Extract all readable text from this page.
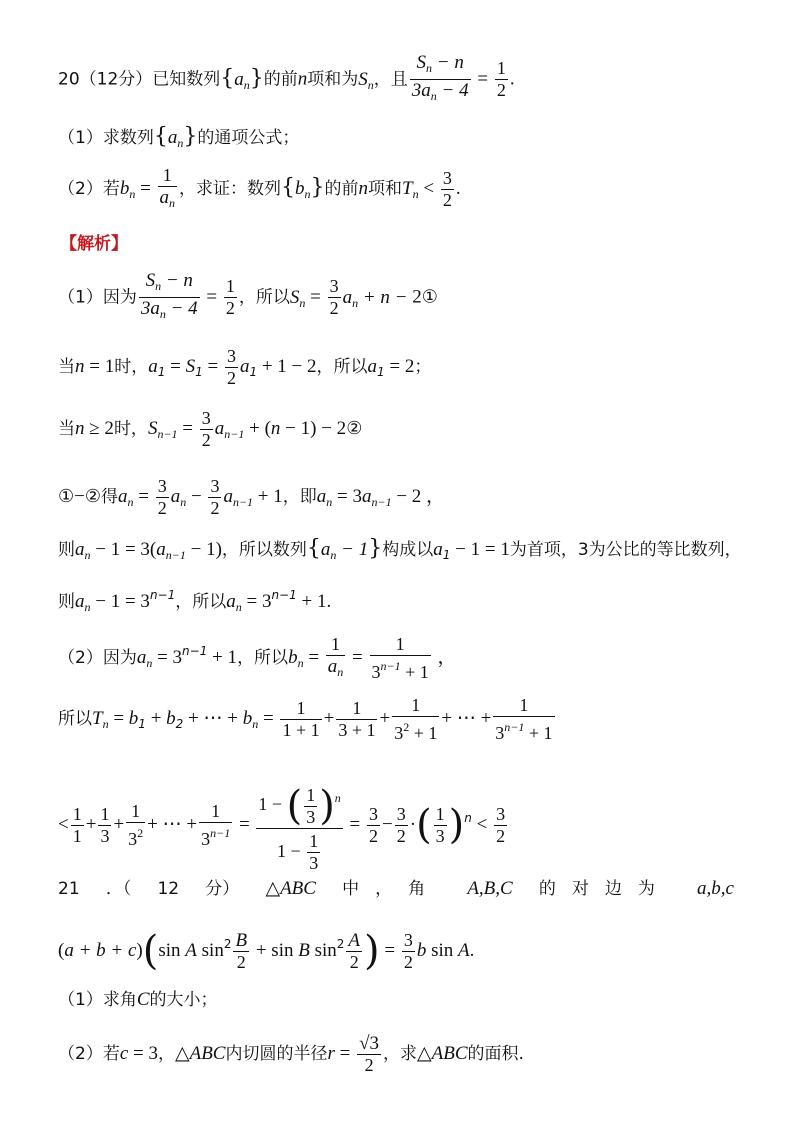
20（12分）已知数列$\{a_n\}$的前n项和为$S_n$，且 $\frac{S_n - n}{3a_n - 4} = \frac{1}{2}$ .
（1）求数列$\{a_n\}$的通项公式；
（2）若$b_n = \frac{1}{a_n}$ ，求证：数列$\{b_n\}$的前n项和$T_n < \frac{3}{2}$ .
【解析】
（1）因为 $\frac{S_n - n}{3a_n - 4} = \frac{1}{2}$ ，所以$S_n = \frac{3}{2} a_n + n$ − 2①
当n = 1时，$a_1 = S_1 = \frac{3}{2} a_1 + 1 - 2$，所以$a_1 = 2$；
当n ≥ 2时，$S_{n-1} = \frac{3}{2} a_{n-1} + (n - 1)$ − 2②
①−②得$a_n = \frac{3}{2} a_n - \frac{3}{2} a_{n-1} + 1$，即$a_n = 3a_{n-1} - 2$ ，
则$a_n - 1 = 3(a_{n-1} - 1)$，所以数列$\{a_n - 1\}$构成以$a_1 - 1 = 1$为首项，3为公比的等比数列，
则$a_n - 1 = 3^{n-1}$，所以$a_n = 3^{n-1} + 1$.
（2）因为$a_n = 3^{n-1} + 1$，所以$b_n = \frac{1}{a_n} = \frac{1}{3^{n-1} + 1}$ ，
所以$T_n = b_1 + b_2$ + ⋯ + $b_n = \frac{1}{1 + 1} + \frac{1}{3 + 1} + \frac{1}{3^2 + 1}$ + ⋯ + $\frac{1}{3^{n-1} + 1}$
< $\frac{1}{1} + \frac{1}{3} + \frac{1}{3^2}$ + ⋯ + $\frac{1}{3^{n-1}} = \frac{1 - ( \frac{1}{3} )^n}{1 - \frac{1}{3}} = \frac{3}{2} - \frac{3}{2}$ ·( $\frac{1}{3} )^n < \frac{3}{2}$
21 ．（ 12 分） △ABC 中，角 A,B,C 的对边为 a,b,c
(a + b + c)(sin A $\sin^2 \frac{B}{2} + \sin B$ $\sin^2 \frac{A}{2}$ ) = $\frac{3}{2}$ b sin A.
（1）求角C的大小；
（2）若c = 3，△ABC内切圆的半径$r = \frac{√3}{2}$ ，求△ABC的面积.
